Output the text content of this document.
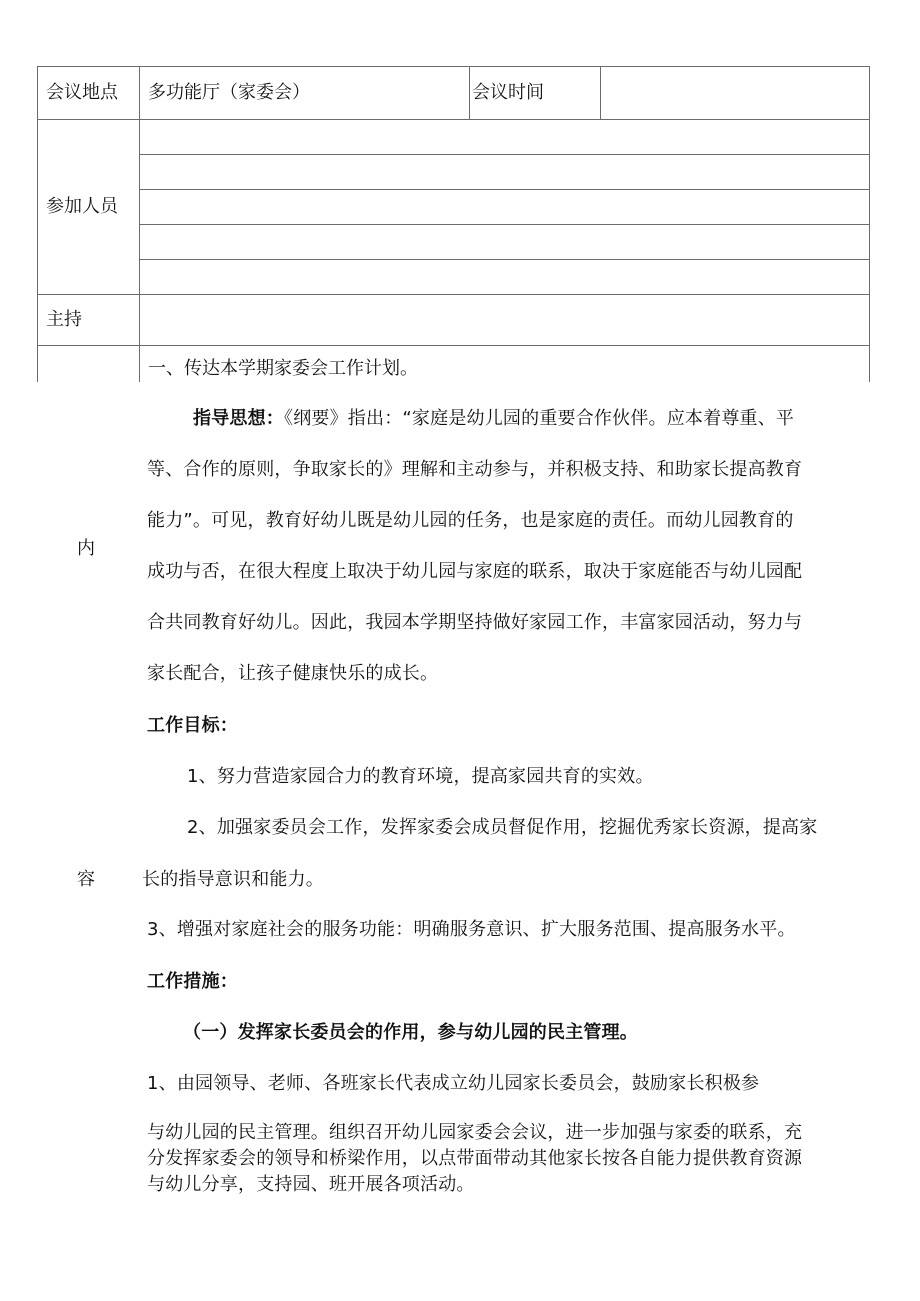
会议地点 多功能厅（家委会）	会议时间
参加人员
主持
一、传达本学期家委会工作计划。
内
容
指导思想：《纲要》指出：“家庭是幼儿园的重要合作伙伴。应本着尊重、平
等、合作的原则，争取家长的》理解和主动参与，并积极支持、和助家长提高教育
能力”。可见，教育好幼儿既是幼儿园的任务，也是家庭的责任。而幼儿园教育的
成功与否，在很大程度上取决于幼儿园与家庭的联系，取决于家庭能否与幼儿园配
合共同教育好幼儿。因此，我园本学期坚持做好家园工作，丰富家园活动，努力与
家长配合，让孩子健康快乐的成长。
工作目标：
1、努力营造家园合力的教育环境，提高家园共育的实效。
2、加强家委员会工作，发挥家委会成员督促作用，挖掘优秀家长资源，提高家
长的指导意识和能力。
3、增强对家庭社会的服务功能：明确服务意识、扩大服务范围、提高服务水平。
工作措施：
（一）发挥家长委员会的作用，参与幼儿园的民主管理。
1、由园领导、老师、各班家长代表成立幼儿园家长委员会，鼓励家长积极参
与幼儿园的民主管理。组织召开幼儿园家委会会议，进一步加强与家委的联系，充
分发挥家委会的领导和桥梁作用，以点带面带动其他家长按各自能力提供教育资源
与幼儿分享，支持园、班开展各项活动。
